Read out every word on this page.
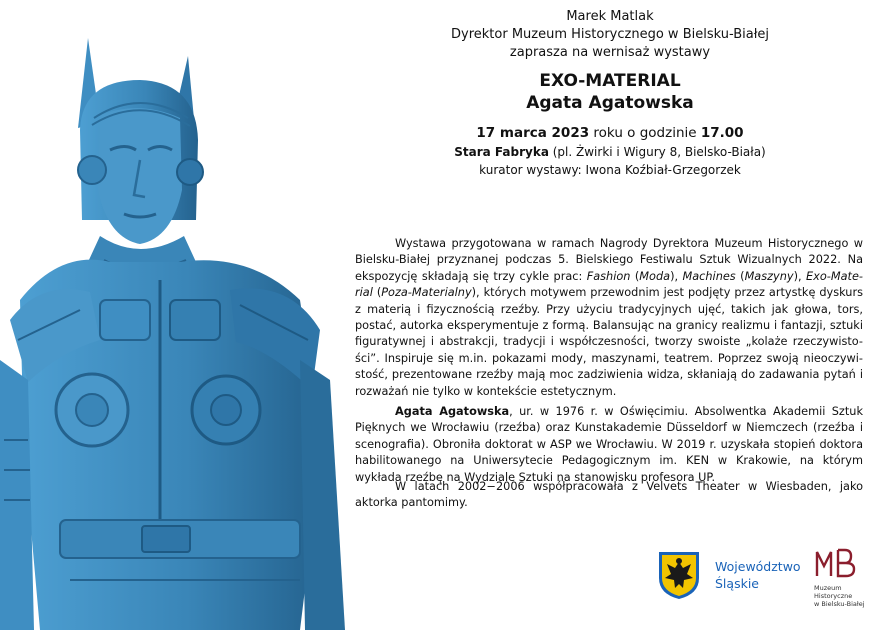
Marek Matlak
Dyrektor Muzeum Historycznego w Bielsku-Białej
zaprasza na wernisaż wystawy
EXO-MATERIAL
Agata Agatowska
17 marca 2023 roku o godzinie 17.00
Stara Fabryka (pl. Żwirki i Wigury 8, Bielsko-Biała)
kurator wystawy: Iwona Koźbiał-Grzegorzek

Wystawa przygotowana w ramach Nagrody Dyrektora Muzeum Historycznego w Bielsku-Białej przyznanej podczas 5. Bielskiego Festiwalu Sztuk Wizualnych 2022. Na ekspozycję składają się trzy cykle prac: Fashion (Moda), Machines (Maszyny), Exo-Mate-rial (Poza-Materialny), których motywem przewodnim jest podjęty przez artystkę dyskurs z materią i fizycznością rzeźby. Przy użyciu tradycyjnych ujęć, takich jak głowa, tors, postać, autorka eksperymentuje z formą. Balansując na granicy realizmu i fantazji, sztuki figuratywnej i abstrakcji, tradycji i współczesności, tworzy swoiste „kolaże rzeczywisto-ści”. Inspiruje się m.in. pokazami mody, maszynami, teatrem. Poprzez swoją nieoczywi-stość, prezentowane rzeźby mają moc zadziwienia widza, skłaniają do zadawania pytań i rozważań nie tylko w kontekście estetycznym.

Agata Agatowska, ur. w 1976 r. w Oświęcimiu. Absolwentka Akademii Sztuk Pięknych we Wrocławiu (rzeźba) oraz Kunstakademie Düsseldorf w Niemczech (rzeźba i scenografia). Obroniła doktorat w ASP we Wrocławiu. W 2019 r. uzyskała stopień doktora habilitowanego na Uniwersytecie Pedagogicznym im. KEN w Krakowie, na którym wykłada rzeźbę na Wydziale Sztuki na stanowisku profesora UP.

W latach 2002−2006 współpracowała z Velvets Theater w Wiesbaden, jako aktorka pantomimy.

Województwo
Śląskie	Muzeum
Historyczne
w Bielsku-Białej
